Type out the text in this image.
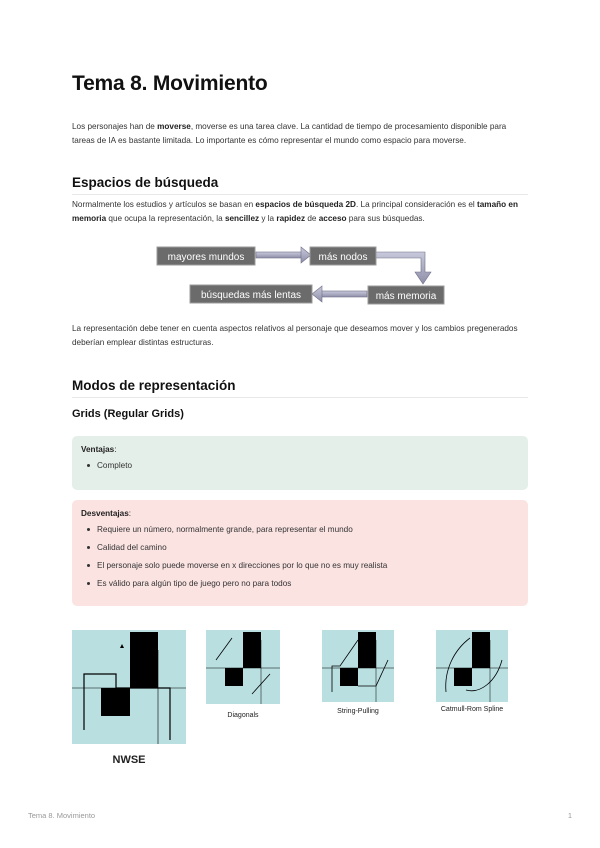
Tema 8. Movimiento
Los personajes han de moverse, moverse es una tarea clave. La cantidad de tiempo de procesamiento disponible para tareas de IA es bastante limitada. Lo importante es cómo representar el mundo como espacio para moverse.
Espacios de búsqueda
Normalmente los estudios y artículos se basan en espacios de búsqueda 2D. La principal consideración es el tamaño en memoria que ocupa la representación, la sencillez y la rapidez de acceso para sus búsquedas.
mayores mundos	más nodos
más memoria
búsquedas más lentas
La representación debe tener en cuenta aspectos relativos al personaje que deseamos mover y los cambios pregenerados deberían emplear distintas estructuras.
Modos de representación
Grids (Regular Grids)
Ventajas:
Completo
Desventajas:
Requiere un número, normalmente grande, para representar el mundo
Calidad del camino
El personaje solo puede moverse en x direcciones por lo que no es muy realista
Es válido para algún tipo de juego pero no para todos
NWSE
Diagonals
String-Pulling	Catmull-Rom Spline
Tema 8. Movimiento	1
